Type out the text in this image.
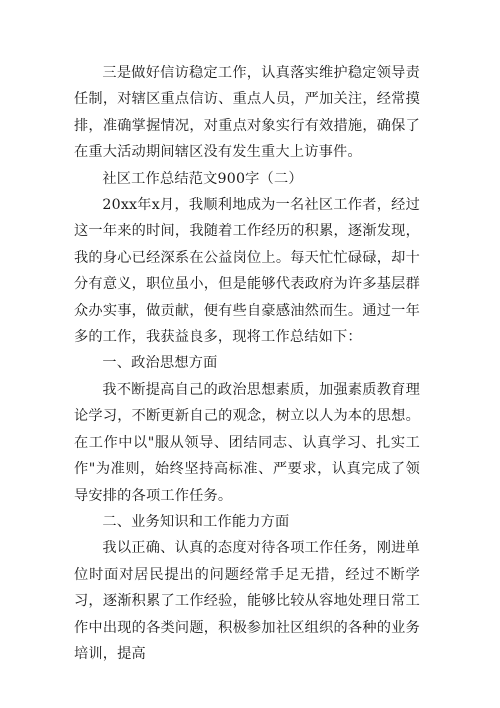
三是做好信访稳定工作，认真落实维护稳定领导责任制，对辖区重点信访、重点人员，严加关注，经常摸排，准确掌握情况，对重点对象实行有效措施，确保了在重大活动期间辖区没有发生重大上访事件。

社区工作总结范文900字（二）

20xx年x月，我顺利地成为一名社区工作者，经过这一年来的时间，我随着工作经历的积累，逐渐发现，我的身心已经深系在公益岗位上。每天忙忙碌碌，却十分有意义，职位虽小，但是能够代表政府为许多基层群众办实事，做贡献，便有些自豪感油然而生。通过一年多的工作，我获益良多，现将工作总结如下：

一、政治思想方面

我不断提高自己的政治思想素质，加强素质教育理论学习，不断更新自己的观念，树立以人为本的思想。在工作中以"服从领导、团结同志、认真学习、扎实工作"为准则，始终坚持高标准、严要求，认真完成了领导安排的各项工作任务。

二、业务知识和工作能力方面

我以正确、认真的态度对待各项工作任务，刚进单位时面对居民提出的问题经常手足无措，经过不断学习，逐渐积累了工作经验，能够比较从容地处理日常工作中出现的各类问题，积极参加社区组织的各种的业务培训，提高
